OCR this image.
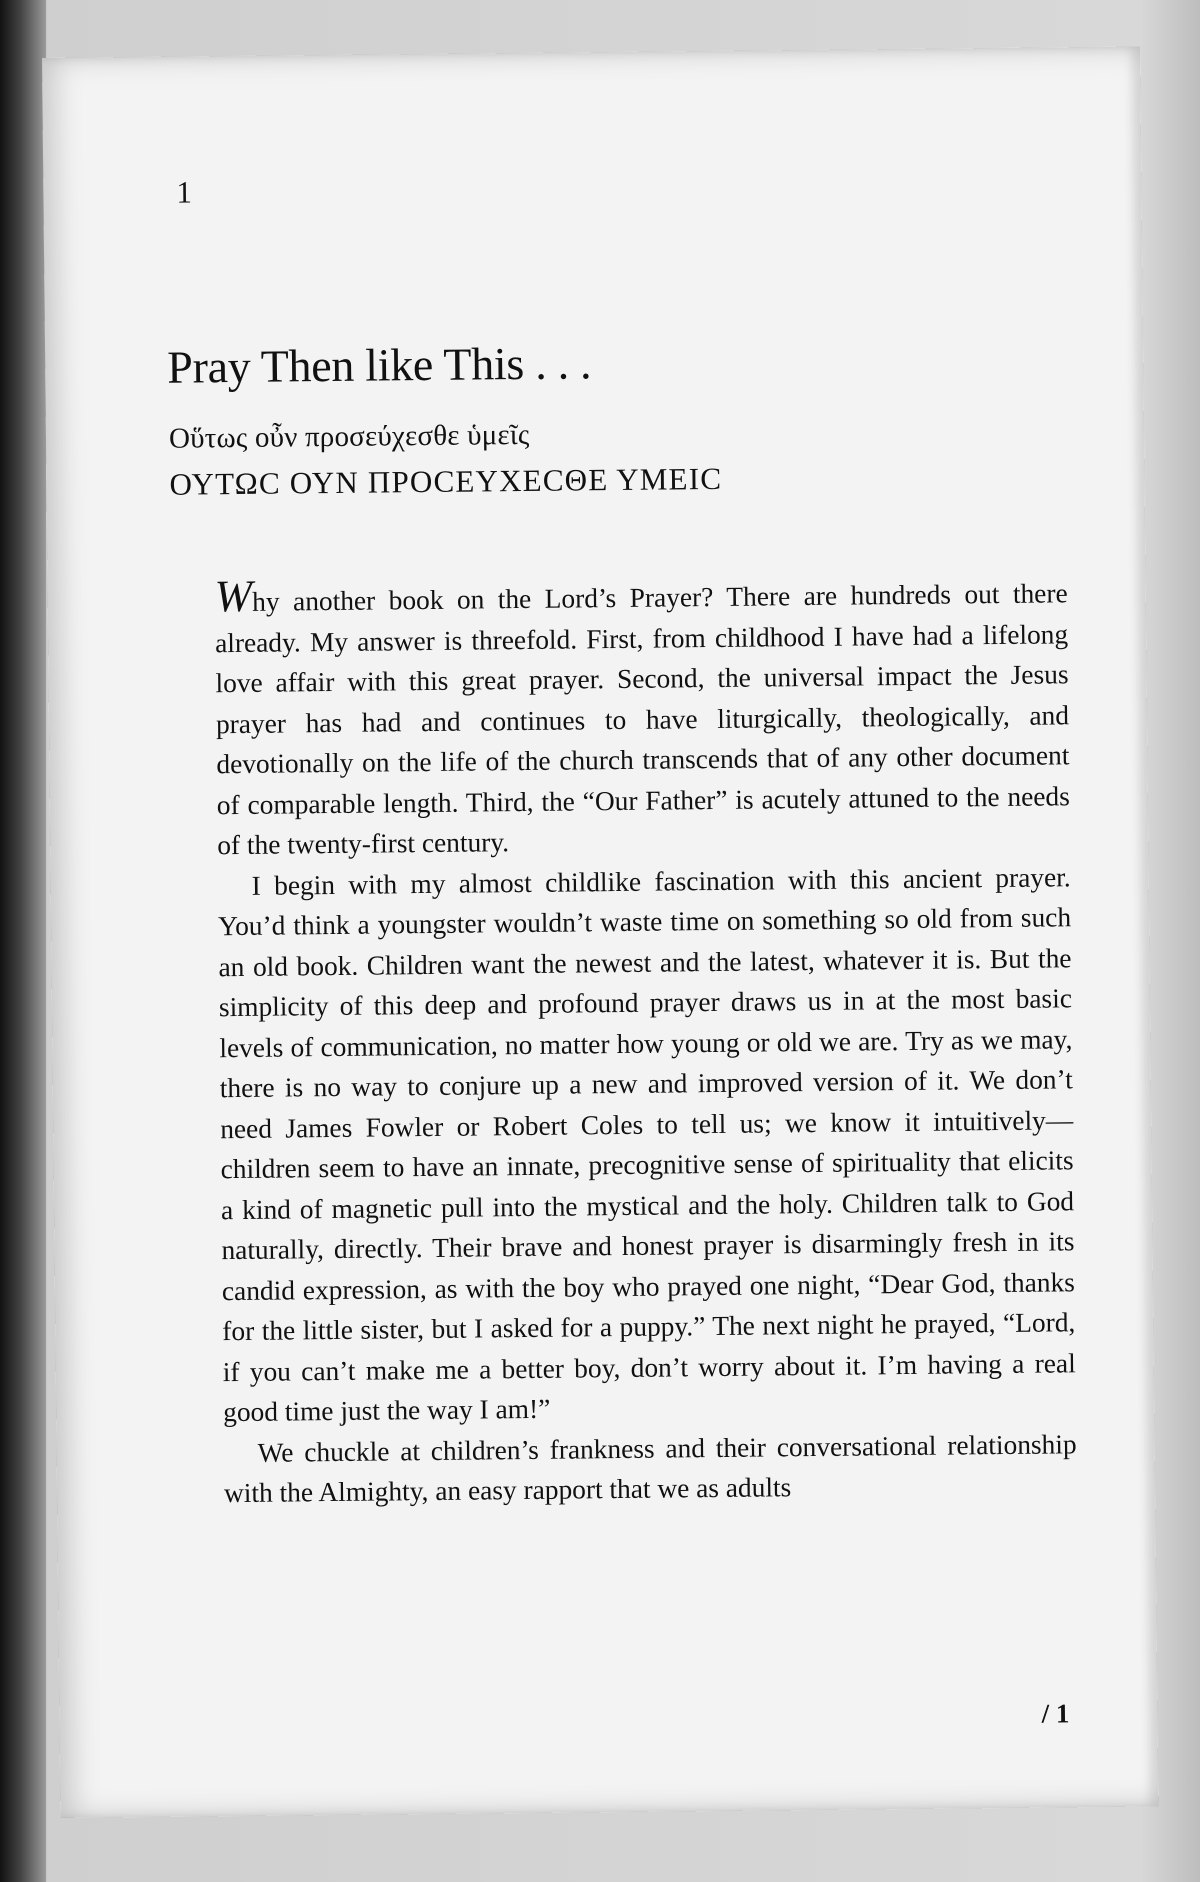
1
Pray Then like This . . .
Οὕτως οὖν προσεύχεσθε ὑμεῖς
ΟΥΤΩϹ ΟΥΝ ΠΡΟϹΕΥΧΕϹΘΕ ΥΜΕΙϹ

Why another book on the Lord’s Prayer? There are hundreds out there already. My answer is threefold. First, from childhood I have had a lifelong love affair with this great prayer. Second, the universal impact the Jesus prayer has had and continues to have liturgically, theologically, and devotionally on the life of the church transcends that of any other document of comparable length. Third, the “Our Father” is acutely attuned to the needs of the twenty-first century.

I begin with my almost childlike fascination with this ancient prayer. You’d think a youngster wouldn’t waste time on something so old from such an old book. Children want the newest and the latest, whatever it is. But the simplicity of this deep and profound prayer draws us in at the most basic levels of communication, no matter how young or old we are. Try as we may, there is no way to conjure up a new and improved version of it. We don’t need James Fowler or Robert Coles to tell us; we know it intuitively—children seem to have an innate, precognitive sense of spirituality that elicits a kind of magnetic pull into the mystical and the holy. Children talk to God naturally, directly. Their brave and honest prayer is disarmingly fresh in its candid expression, as with the boy who prayed one night, “Dear God, thanks for the little sister, but I asked for a puppy.” The next night he prayed, “Lord, if you can’t make me a better boy, don’t worry about it. I’m having a real good time just the way I am!”

We chuckle at children’s frankness and their conversational relationship with the Almighty, an easy rapport that we as adults

/ 1
